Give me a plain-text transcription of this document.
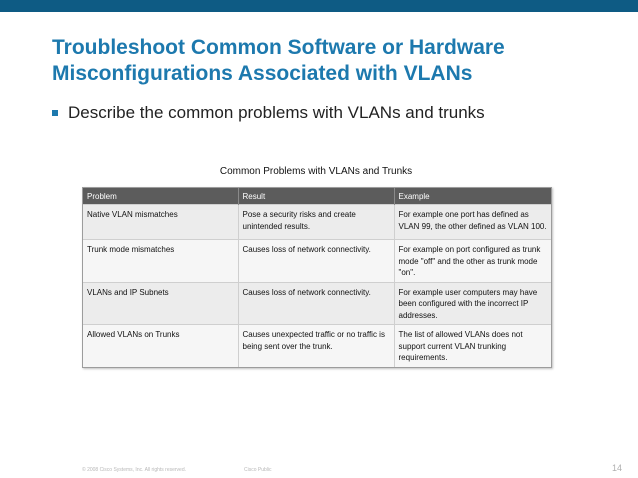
Troubleshoot Common Software or Hardware Misconfigurations Associated with VLANs
Describe the common problems with VLANs and trunks
Common Problems with VLANs and Trunks
Problem	Result	Example
Native VLAN mismatches	Pose a security risks and create unintended results.	For example one port has defined as VLAN 99, the other defined as VLAN 100.
Trunk mode mismatches	Causes loss of network connectivity.	For example on port configured as trunk mode "off" and the other as trunk mode "on".
VLANs and IP Subnets	Causes loss of network connectivity.	For example user computers may have been configured with the incorrect IP addresses.
Allowed VLANs on Trunks	Causes unexpected traffic or no traffic is being sent over the trunk.	The list of allowed VLANs does not support current VLAN trunking requirements.
© 2008 Cisco Systems, Inc. All rights reserved.	Cisco Public	14
